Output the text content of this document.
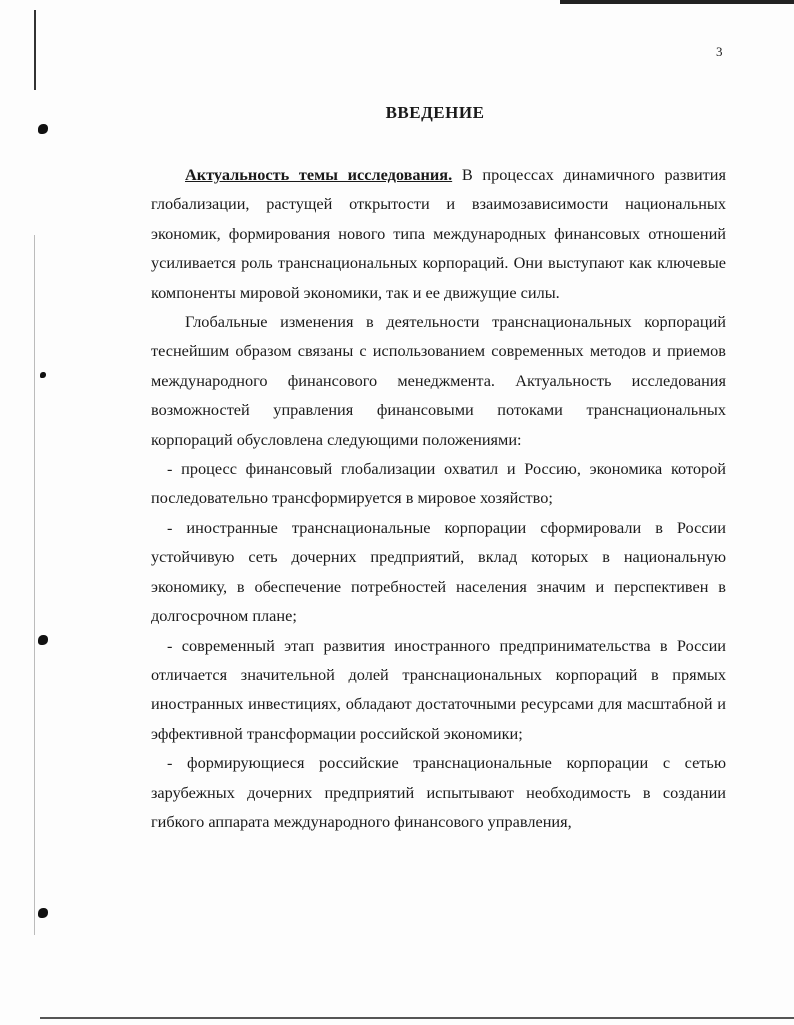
3
ВВЕДЕНИЕ

Актуальность темы исследования. В процессах динамичного развития глобализации, растущей открытости и взаимозависимости национальных экономик, формирования нового типа международных финансовых отношений усиливается роль транснациональных корпораций. Они выступают как ключевые компоненты мировой экономики, так и ее движущие силы.

Глобальные изменения в деятельности транснациональных корпораций теснейшим образом связаны с использованием современных методов и приемов международного финансового менеджмента. Актуальность исследования возможностей управления финансовыми потоками транснациональных корпораций обусловлена следующими положениями:

- процесс финансовый глобализации охватил и Россию, экономика которой последовательно трансформируется в мировое хозяйство;

- иностранные транснациональные корпорации сформировали в России устойчивую сеть дочерних предприятий, вклад которых в национальную экономику, в обеспечение потребностей населения значим и перспективен в долгосрочном плане;

- современный этап развития иностранного предпринимательства в России отличается значительной долей транснациональных корпораций в прямых иностранных инвестициях, обладают достаточными ресурсами для масштабной и эффективной трансформации российской экономики;

- формирующиеся российские транснациональные корпорации с сетью зарубежных дочерних предприятий испытывают необходимость в создании гибкого аппарата международного финансового управления,
